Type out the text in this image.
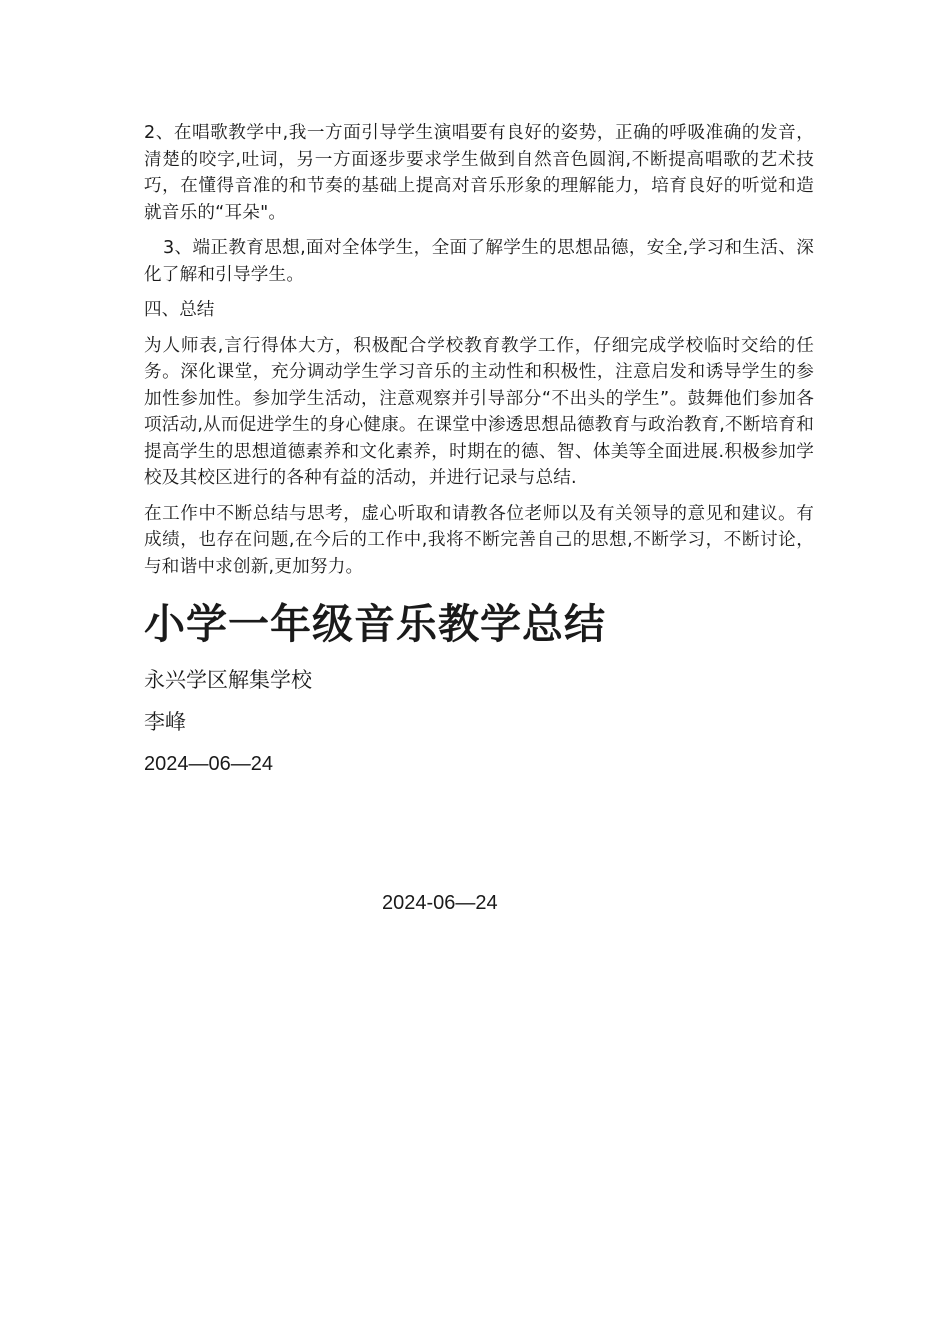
2、在唱歌教学中,我一方面引导学生演唱要有良好的姿势，正确的呼吸准确的发音，清楚的咬字,吐词，另一方面逐步要求学生做到自然音色圆润,不断提高唱歌的艺术技巧，在懂得音准的和节奏的基础上提高对音乐形象的理解能力，培育良好的听觉和造就音乐的“耳朵"。

3、端正教育思想,面对全体学生，全面了解学生的思想品德，安全,学习和生活、深化了解和引导学生。

四、总结

为人师表,言行得体大方，积极配合学校教育教学工作，仔细完成学校临时交给的任务。深化课堂，充分调动学生学习音乐的主动性和积极性，注意启发和诱导学生的参加性参加性。参加学生活动，注意观察并引导部分“不出头的学生”。鼓舞他们参加各项活动,从而促进学生的身心健康。在课堂中渗透思想品德教育与政治教育,不断培育和提高学生的思想道德素养和文化素养，时期在的德、智、体美等全面进展.积极参加学校及其校区进行的各种有益的活动，并进行记录与总结.

在工作中不断总结与思考，虚心听取和请教各位老师以及有关领导的意见和建议。有成绩，也存在问题,在今后的工作中,我将不断完善自己的思想,不断学习，不断讨论，与和谐中求创新,更加努力。

小学一年级音乐教学总结

永兴学区解集学校

李峰

2024—06—24

2024-06—24
